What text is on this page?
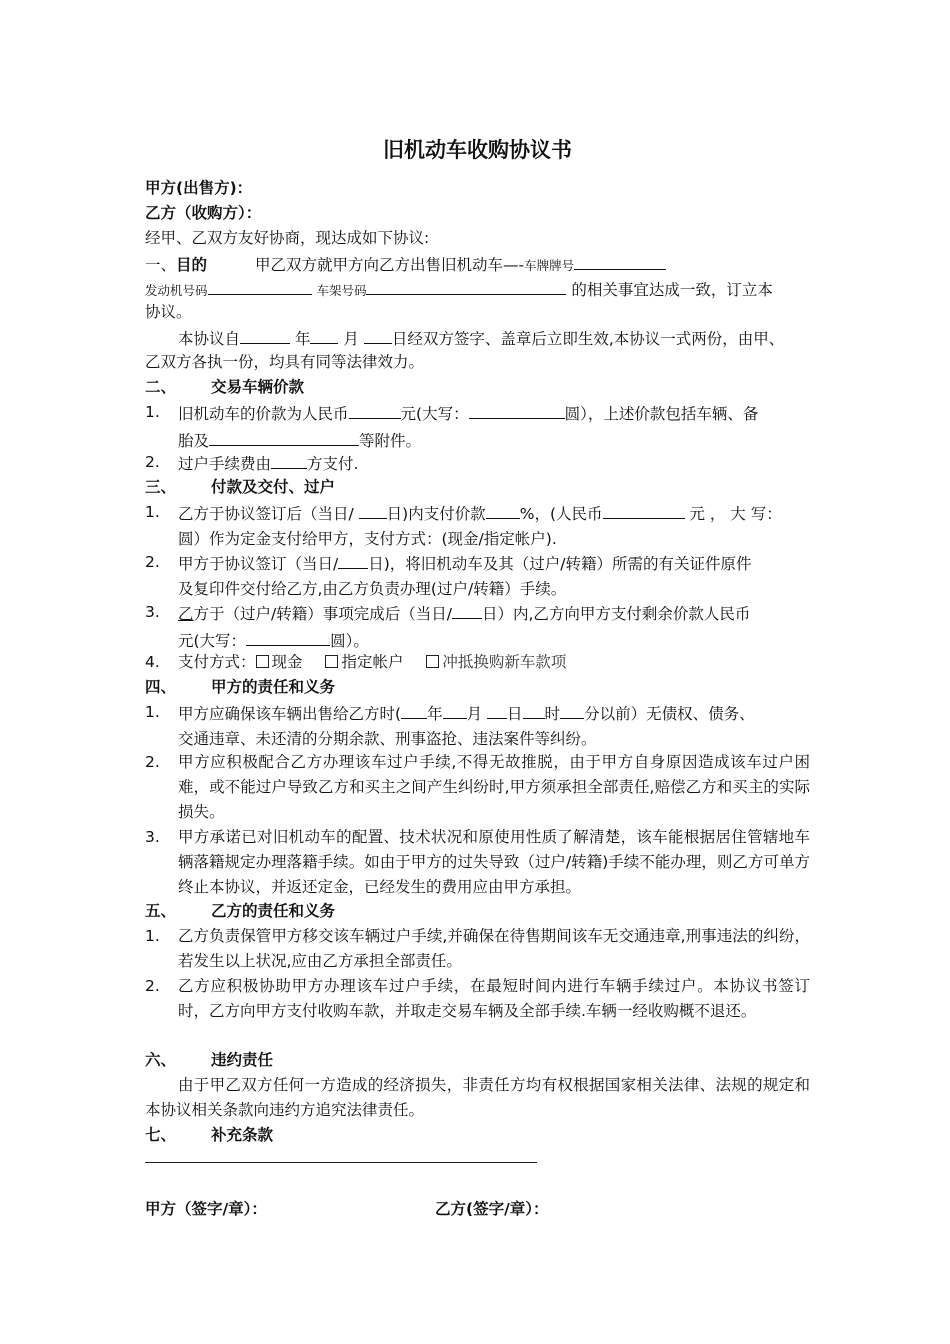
旧机动车收购协议书
甲方(出售方)：
乙方（收购方）：
经甲、乙双方友好协商，现达成如下协议:
一、目的	甲乙双方就甲方向乙方出售旧机动车—-车牌牌号
发动机号码	车架号码	的相关事宜达成一致，订立本
协议。
本协议自	年 月 日经双方签字、盖章后立即生效,本协议一式两份，由甲、
乙双方各执一份，均具有同等法律效力。
二、 交易车辆价款
1.	旧机动车的价款为人民币	元(大写：	圆），上述价款包括车辆、备
胎及	等附件。
2.	过户手续费由 方支付.
三、 付款及交付、过户
1.	乙方于协议签订后（当日/ 日)内支付价款 %，(人民币	元 ， 大 写：
圆）作为定金支付给甲方，支付方式：(现金/指定帐户).
2.	甲方于协议签订（当日/ 日)，将旧机动车及其（过户/转籍）所需的有关证件原件
及复印件交付给乙方,由乙方负责办理(过户/转籍）手续。
3.	乙方于（过户/转籍）事项完成后（当日/ 日）内,乙方向甲方支付剩余价款人民币
元(大写：	圆）。
4.	支付方式： 现金	指定帐户	冲抵换购新车款项
四、 甲方的责任和义务
1.	甲方应确保该车辆出售给乙方时( 年 月 日 时 分以前）无债权、债务、
交通违章、未还清的分期余款、刑事盗抢、违法案件等纠纷。
2.	甲方应积极配合乙方办理该车过户手续,不得无故推脱，由于甲方自身原因造成该车过户困难，或不能过户导致乙方和买主之间产生纠纷时,甲方须承担全部责任,赔偿乙方和买主的实际损失。
3.	甲方承诺已对旧机动车的配置、技术状况和原使用性质了解清楚，该车能根据居住管辖地车辆落籍规定办理落籍手续。如由于甲方的过失导致（过户/转籍)手续不能办理，则乙方可单方终止本协议，并返还定金，已经发生的费用应由甲方承担。
五、 乙方的责任和义务
1.	乙方负责保管甲方移交该车辆过户手续,并确保在待售期间该车无交通违章,刑事违法的纠纷，若发生以上状况,应由乙方承担全部责任。
2.	乙方应积极协助甲方办理该车过户手续，在最短时间内进行车辆手续过户。本协议书签订时，乙方向甲方支付收购车款，并取走交易车辆及全部手续.车辆一经收购概不退还。
六、 违约责任
由于甲乙双方任何一方造成的经济损失，非责任方均有权根据国家相关法律、法规的规定和本协议相关条款向违约方追究法律责任。
七、 补充条款
甲方（签字/章）：	乙方(签字/章）：
